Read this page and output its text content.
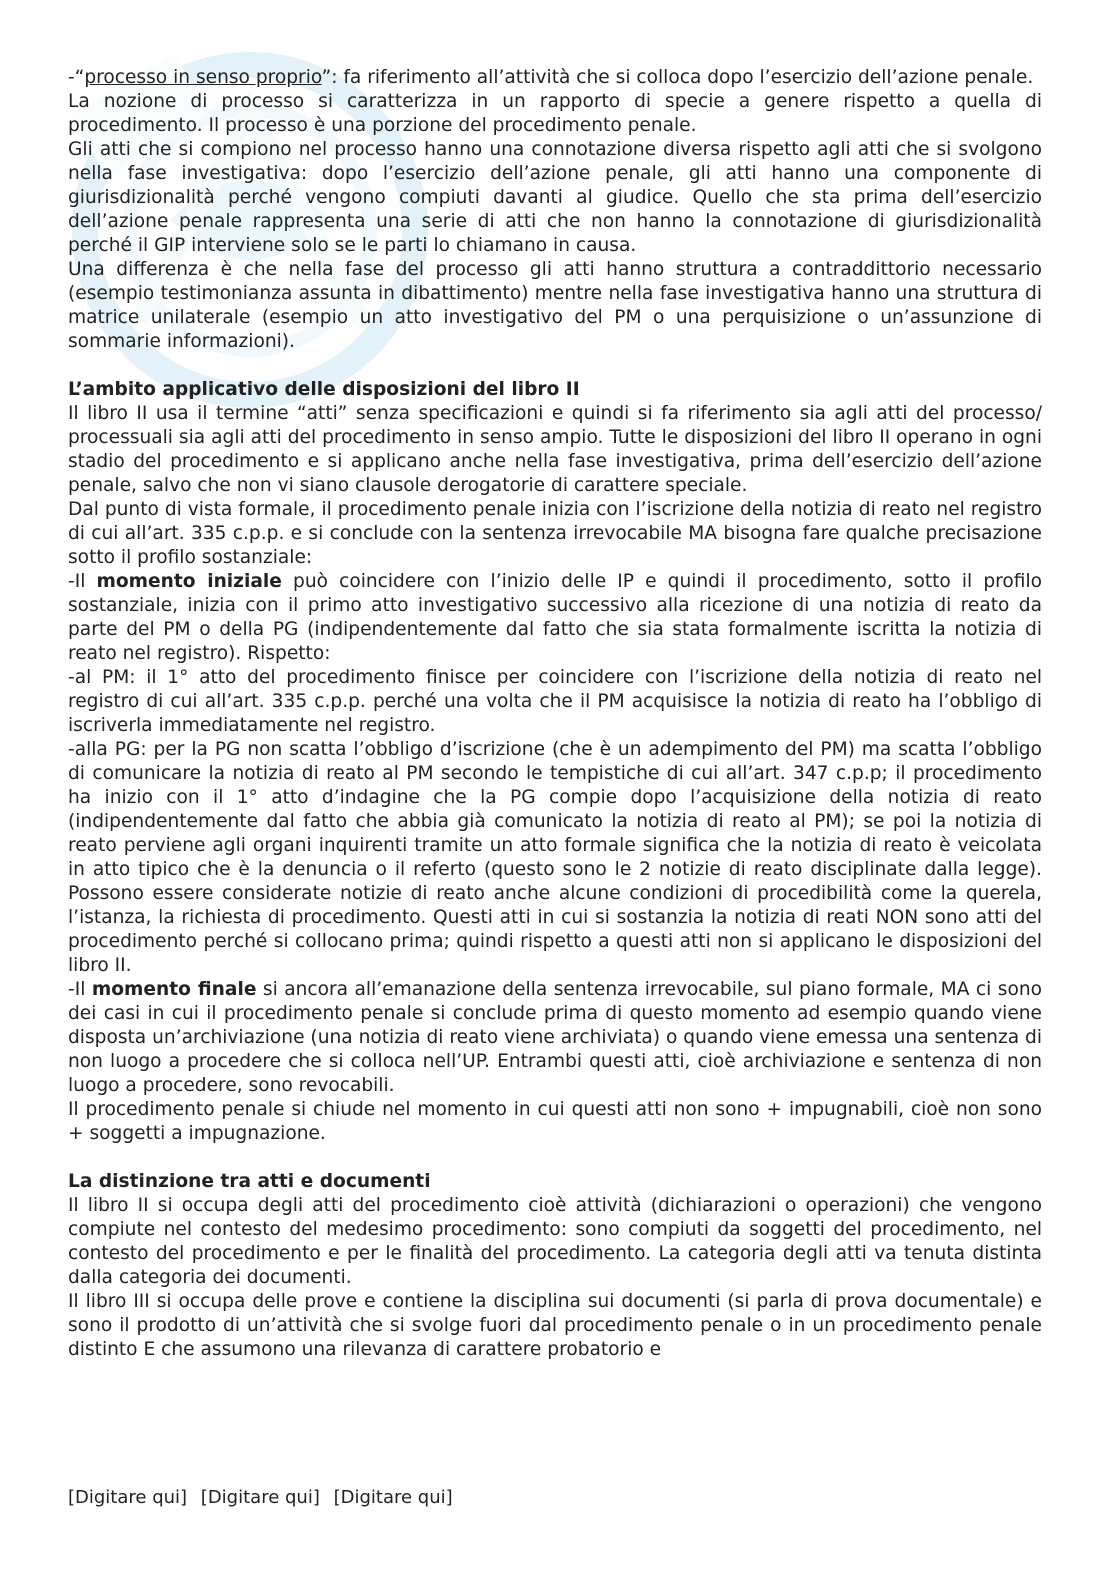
-“processo in senso proprio”: fa riferimento all’attività che si colloca dopo l’esercizio dell’azione penale.

La nozione di processo si caratterizza in un rapporto di specie a genere rispetto a quella di procedimento. Il processo è una porzione del procedimento penale.

Gli atti che si compiono nel processo hanno una connotazione diversa rispetto agli atti che si svolgono nella fase investigativa: dopo l’esercizio dell’azione penale, gli atti hanno una componente di giurisdizionalità perché vengono compiuti davanti al giudice. Quello che sta prima dell’esercizio dell’azione penale rappresenta una serie di atti che non hanno la connotazione di giurisdizionalità perché il GIP interviene solo se le parti lo chiamano in causa.

Una differenza è che nella fase del processo gli atti hanno struttura a contraddittorio necessario (esempio testimonianza assunta in dibattimento) mentre nella fase investigativa hanno una struttura di matrice unilaterale (esempio un atto investigativo del PM o una perquisizione o un’assunzione di sommarie informazioni).

L’ambito applicativo delle disposizioni del libro II

Il libro II usa il termine “atti” senza specificazioni e quindi si fa riferimento sia agli atti del processo/ processuali sia agli atti del procedimento in senso ampio. Tutte le disposizioni del libro II operano in ogni stadio del procedimento e si applicano anche nella fase investigativa, prima dell’esercizio dell’azione penale, salvo che non vi siano clausole derogatorie di carattere speciale.

Dal punto di vista formale, il procedimento penale inizia con l’iscrizione della notizia di reato nel registro di cui all’art. 335 c.p.p. e si conclude con la sentenza irrevocabile MA bisogna fare qualche precisazione sotto il profilo sostanziale:

-Il momento iniziale può coincidere con l’inizio delle IP e quindi il procedimento, sotto il profilo sostanziale, inizia con il primo atto investigativo successivo alla ricezione di una notizia di reato da parte del PM o della PG (indipendentemente dal fatto che sia stata formalmente iscritta la notizia di reato nel registro). Rispetto:

-al PM: il 1° atto del procedimento finisce per coincidere con l’iscrizione della notizia di reato nel registro di cui all’art. 335 c.p.p. perché una volta che il PM acquisisce la notizia di reato ha l’obbligo di iscriverla immediatamente nel registro.

-alla PG: per la PG non scatta l’obbligo d’iscrizione (che è un adempimento del PM) ma scatta l’obbligo di comunicare la notizia di reato al PM secondo le tempistiche di cui all’art. 347 c.p.p; il procedimento ha inizio con il 1° atto d’indagine che la PG compie dopo l’acquisizione della notizia di reato (indipendentemente dal fatto che abbia già comunicato la notizia di reato al PM); se poi la notizia di reato perviene agli organi inquirenti tramite un atto formale significa che la notizia di reato è veicolata in atto tipico che è la denuncia o il referto (questo sono le 2 notizie di reato disciplinate dalla legge). Possono essere considerate notizie di reato anche alcune condizioni di procedibilità come la querela, l’istanza, la richiesta di procedimento. Questi atti in cui si sostanzia la notizia di reati NON sono atti del procedimento perché si collocano prima; quindi rispetto a questi atti non si applicano le disposizioni del libro II.

-Il momento finale si ancora all’emanazione della sentenza irrevocabile, sul piano formale, MA ci sono dei casi in cui il procedimento penale si conclude prima di questo momento ad esempio quando viene disposta un’archiviazione (una notizia di reato viene archiviata) o quando viene emessa una sentenza di non luogo a procedere che si colloca nell’UP. Entrambi questi atti, cioè archiviazione e sentenza di non luogo a procedere, sono revocabili.

Il procedimento penale si chiude nel momento in cui questi atti non sono + impugnabili, cioè non sono + soggetti a impugnazione.

La distinzione tra atti e documenti

Il libro II si occupa degli atti del procedimento cioè attività (dichiarazioni o operazioni) che vengono compiute nel contesto del medesimo procedimento: sono compiuti da soggetti del procedimento, nel contesto del procedimento e per le finalità del procedimento. La categoria degli atti va tenuta distinta dalla categoria dei documenti.

Il libro III si occupa delle prove e contiene la disciplina sui documenti (si parla di prova documentale) e sono il prodotto di un’attività che si svolge fuori dal procedimento penale o in un procedimento penale distinto E che assumono una rilevanza di carattere probatorio e

[Digitare qui] [Digitare qui] [Digitare qui]
